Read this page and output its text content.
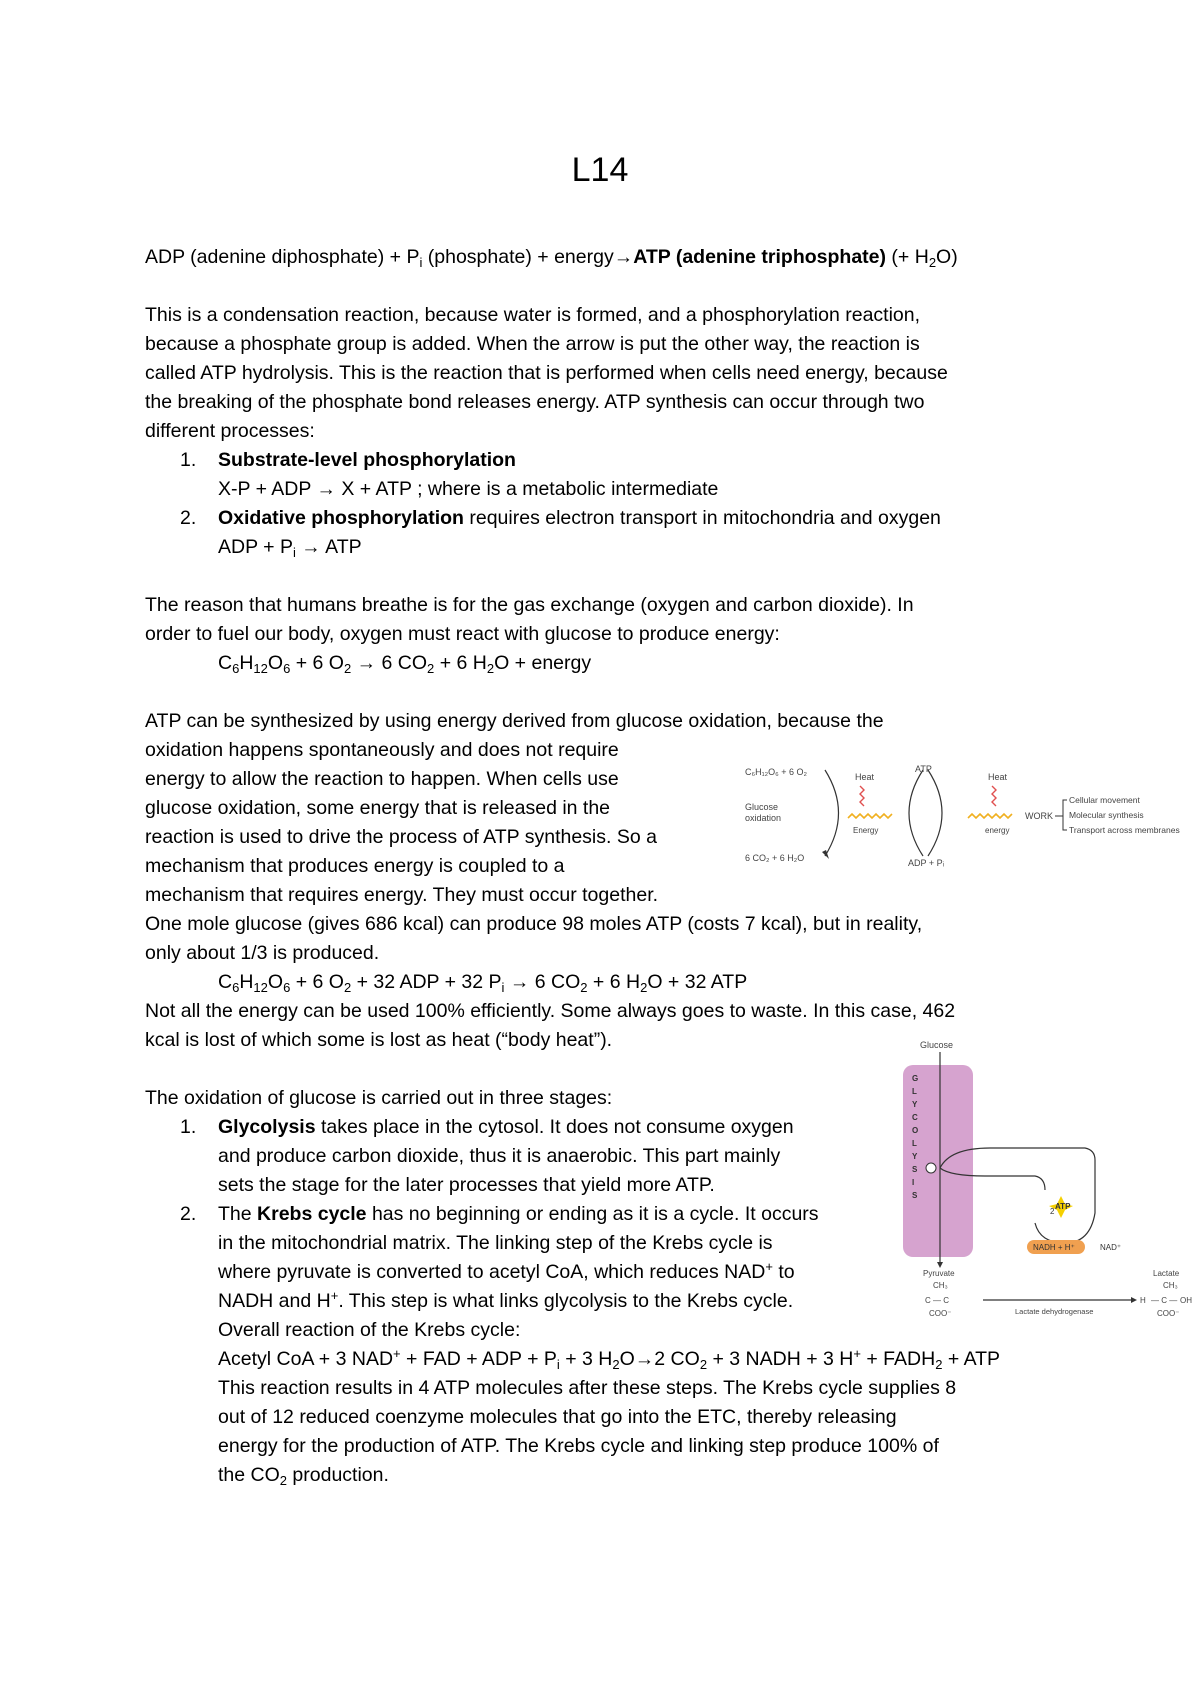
L14
ADP (adenine diphosphate) + $P_i$ (phosphate) + energy→ATP (adenine triphosphate) (+ $H_2O$)
This is a condensation reaction, because water is formed, and a phosphorylation reaction,
because a phosphate group is added. When the arrow is put the other way, the reaction is
called ATP hydrolysis. This is the reaction that is performed when cells need energy, because
the breaking of the phosphate bond releases energy. ATP synthesis can occur through two
different processes:
1. Substrate-level phosphorylation
X-P + ADP → X + ATP ; where is a metabolic intermediate
2. Oxidative phosphorylation requires electron transport in mitochondria and oxygen
ADP + $P_i$ → ATP
The reason that humans breathe is for the gas exchange (oxygen and carbon dioxide). In
order to fuel our body, oxygen must react with glucose to produce energy:
$C_6H_{12}O_6 + 6$ $O_2 \to 6$ $CO_2 + 6$ $H_2O$ + energy
ATP can be synthesized by using energy derived from glucose oxidation, because the
oxidation happens spontaneously and does not require
energy to allow the reaction to happen. When cells use
glucose oxidation, some energy that is released in the
reaction is used to drive the process of ATP synthesis. So a
mechanism that produces energy is coupled to a
mechanism that requires energy. They must occur together.
One mole glucose (gives 686 kcal) can produce 98 moles ATP (costs 7 kcal), but in reality,
only about 1/3 is produced.
$C_6H_{12}O_6 + 6$ $O_2 + 32$ ADP + 32 $P_i \to 6$ $CO_2 + 6$ $H_2O + 32$ ATP
Not all the energy can be used 100% efficiently. Some always goes to waste. In this case, 462
kcal is lost of which some is lost as heat (“body heat”).
The oxidation of glucose is carried out in three stages:
1. Glycolysis takes place in the cytosol. It does not consume oxygen
and produce carbon dioxide, thus it is anaerobic. This part mainly
sets the stage for the later processes that yield more ATP.
2. The Krebs cycle has no beginning or ending as it is a cycle. It occurs
in the mitochondrial matrix. The linking step of the Krebs cycle is
where pyruvate is converted to acetyl CoA, which reduces NAD+ to
NADH and H+. This step is what links glycolysis to the Krebs cycle.
Overall reaction of the Krebs cycle:
Acetyl CoA + 3 NAD+ + FAD + ADP + $P_i + 3$ $H_2O\to 2$ $CO_2 + 3$ NADH + 3 $H^+ + FADH_2$ + ATP
This reaction results in 4 ATP molecules after these steps. The Krebs cycle supplies 8
out of 12 reduced coenzyme molecules that go into the ETC, thereby releasing
energy for the production of ATP. The Krebs cycle and linking step produce 100% of
the $CO_2$ production.
C₆H₁₂O₆ + 6 O₂
Glucose
oxidation
6 CO₂ + 6 H₂O
Heat
Energy
ATP
ADP + Pᵢ
Heat
energy
WORK
Cellular movement
Molecular synthesis
Transport across membranes
Glucose
G
L
Y
C
O
L
Y
S
I
S
2
ATP
NADH + H⁺	NAD⁺
Pyruvate
CH₃
C — C
COO⁻	Lactate dehydrogenase
Lactate
CH₃
H — C — OH
COO⁻
